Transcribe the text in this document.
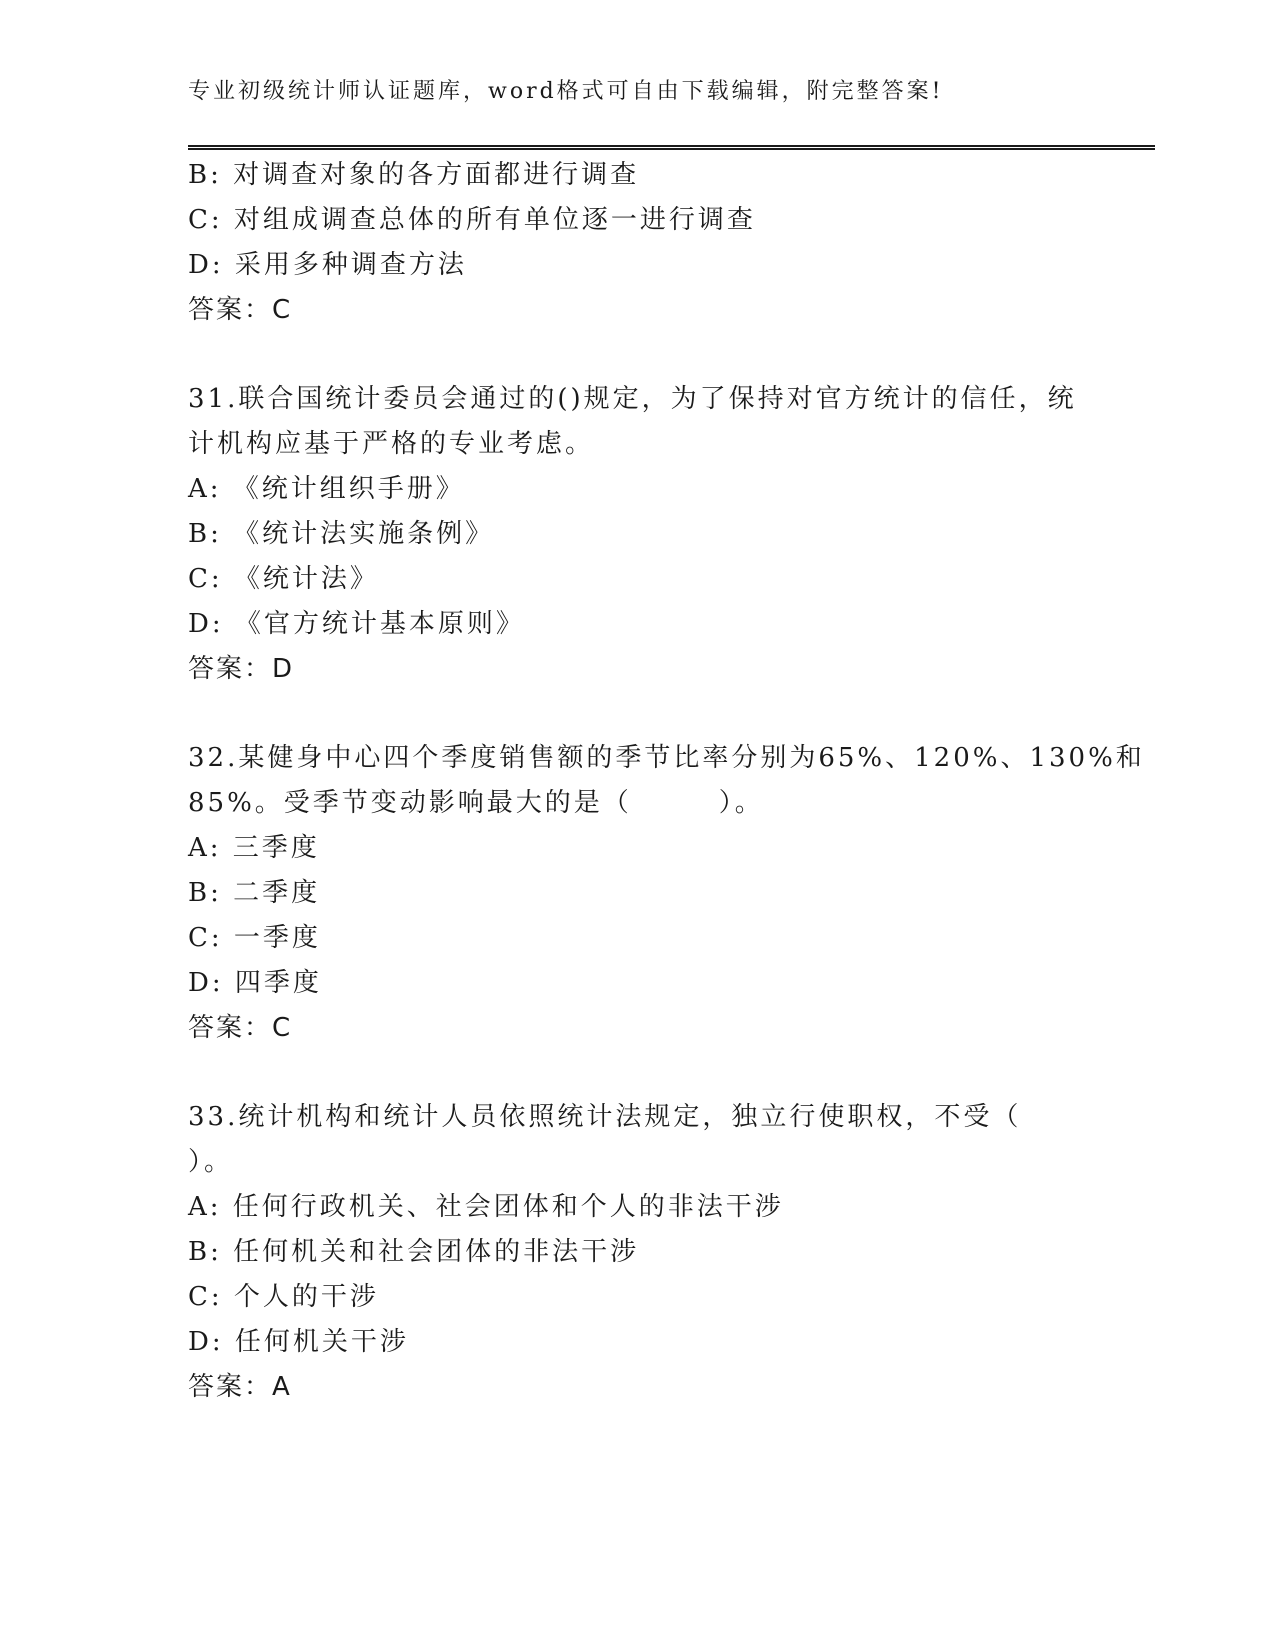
专业初级统计师认证题库，word格式可自由下载编辑，附完整答案!
B: 对调查对象的各方面都进行调查
C: 对组成调查总体的所有单位逐一进行调查
D: 采用多种调查方法
答案：C
31.联合国统计委员会通过的()规定，为了保持对官方统计的信任，统
计机构应基于严格的专业考虑。
A: 《统计组织手册》
B: 《统计法实施条例》
C: 《统计法》
D: 《官方统计基本原则》
答案：D
32.某健身中心四个季度销售额的季节比率分别为65%、120%、130%和
85%。受季节变动影响最大的是（　　　）。
A: 三季度
B: 二季度
C: 一季度
D: 四季度
答案：C
33.统计机构和统计人员依照统计法规定，独立行使职权，不受（
）。
A: 任何行政机关、社会团体和个人的非法干涉
B: 任何机关和社会团体的非法干涉
C: 个人的干涉
D: 任何机关干涉
答案：A
